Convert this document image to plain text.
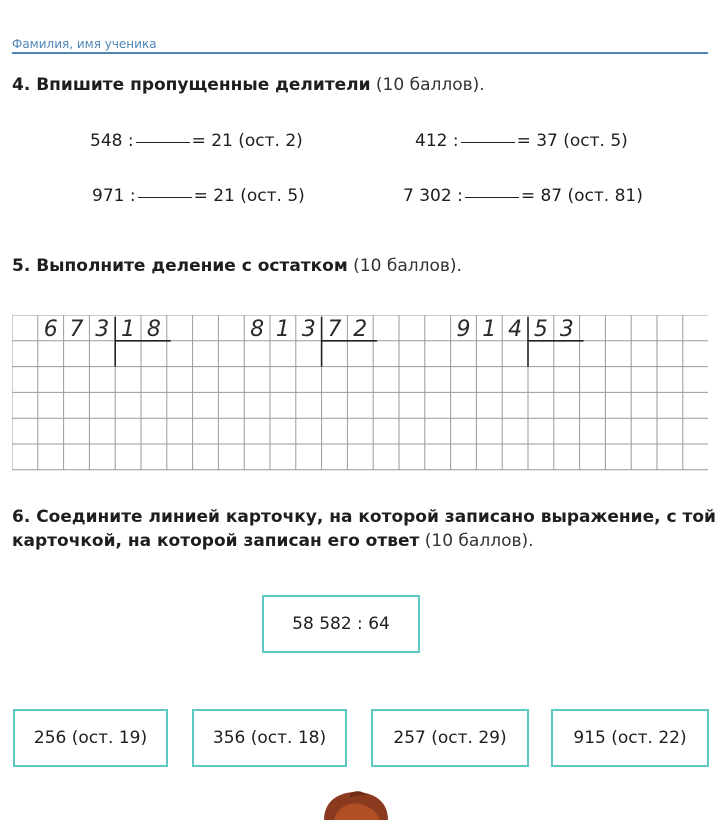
Фамилия, имя ученика
4. Впишите пропущенные делители (10 баллов).
548 :	= 21 (ост. 2)	412 :	= 37 (ост. 5)
971 :	= 21 (ост. 5)	7 302 :	= 87 (ост. 81)
5. Выполните деление с остатком (10 баллов).
6 7 3 1 8	8 1 3 7 2	9 1 4 5 3
6. Соедините линией карточку, на которой записано выражение, с той
карточкой, на которой записан его ответ (10 баллов).
58 582 : 64
256 (ост. 19)	356 (ост. 18)	257 (ост. 29)	915 (ост. 22)
